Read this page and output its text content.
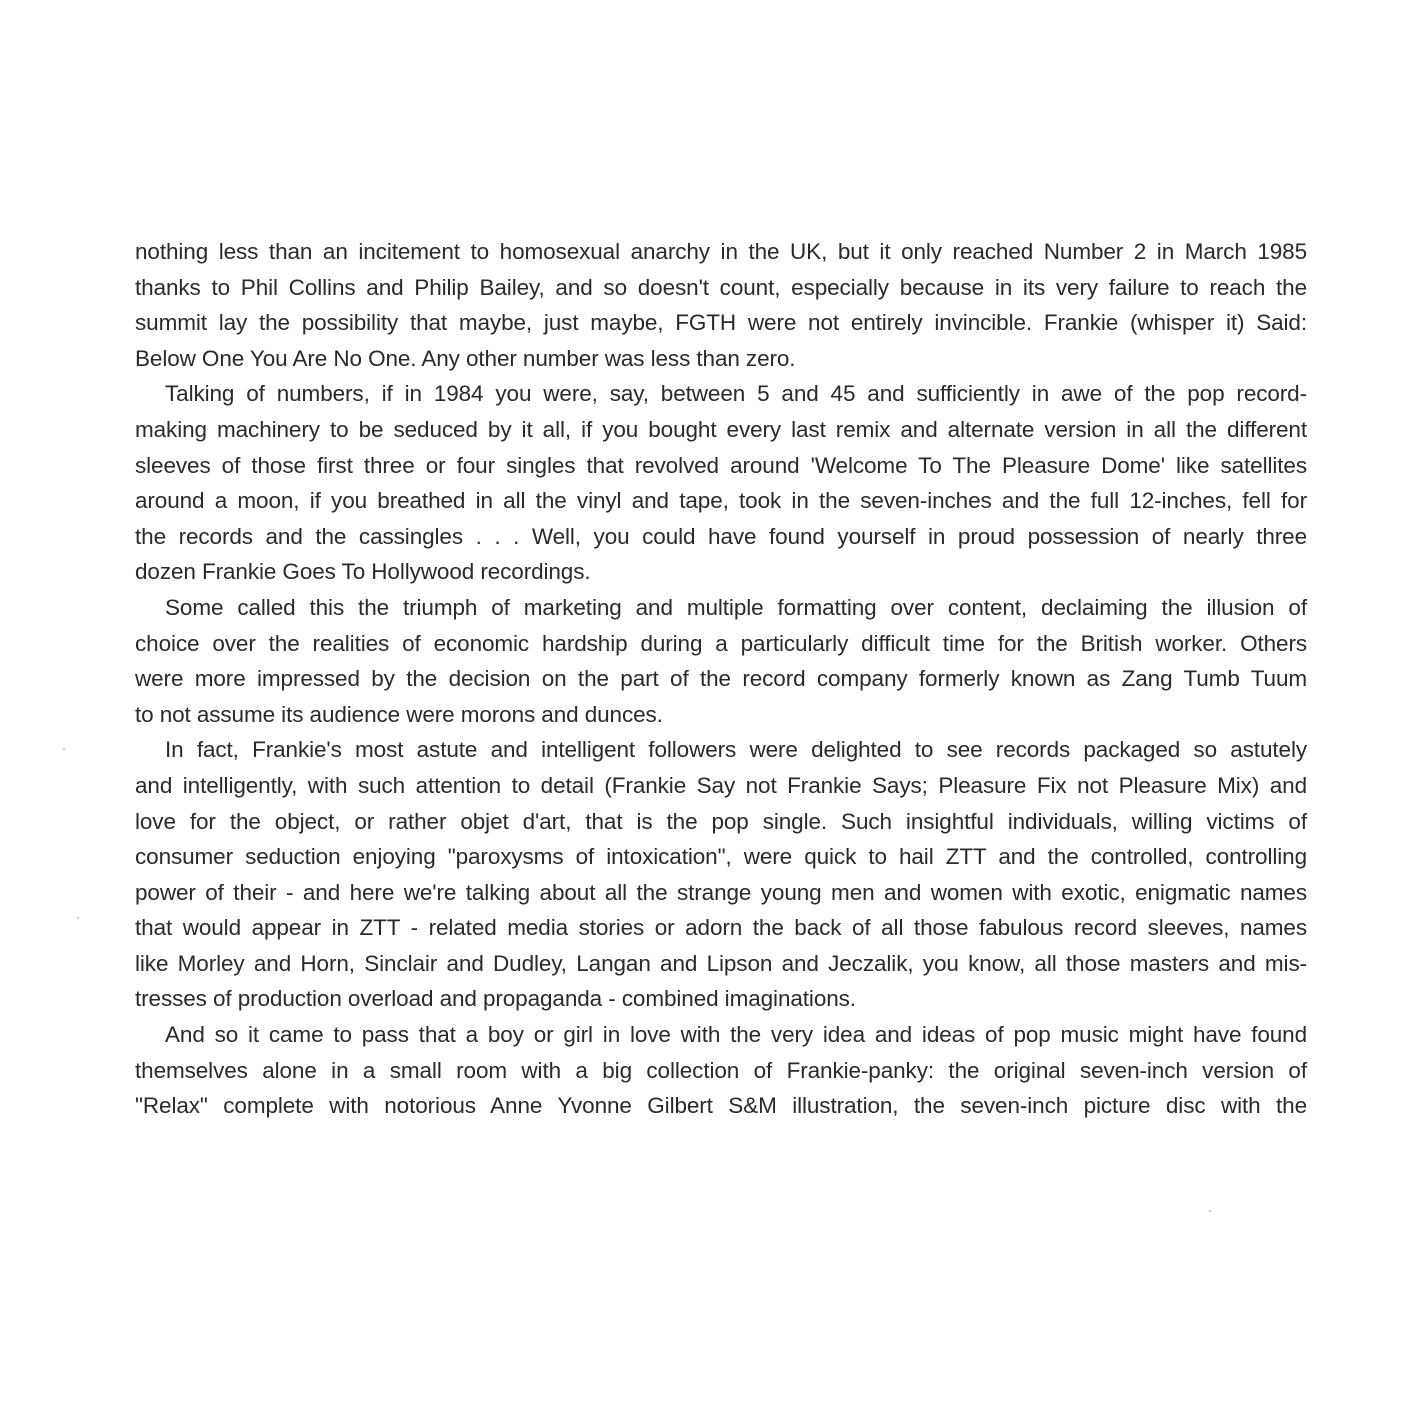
nothing less than an incitement to homosexual anarchy in the UK, but it only reached Number 2 in March 1985
thanks to Phil Collins and Philip Bailey, and so doesn't count, especially because in its very failure to reach the
summit lay the possibility that maybe, just maybe, FGTH were not entirely invincible. Frankie (whisper it) Said:
Below One You Are No One. Any other number was less than zero.
Talking of numbers, if in 1984 you were, say, between 5 and 45 and sufficiently in awe of the pop record-
making machinery to be seduced by it all, if you bought every last remix and alternate version in all the different
sleeves of those first three or four singles that revolved around 'Welcome To The Pleasure Dome' like satellites
around a moon, if you breathed in all the vinyl and tape, took in the seven-inches and the full 12-inches, fell for
the records and the cassingles . . . Well, you could have found yourself in proud possession of nearly three
dozen Frankie Goes To Hollywood recordings.
Some called this the triumph of marketing and multiple formatting over content, declaiming the illusion of
choice over the realities of economic hardship during a particularly difficult time for the British worker. Others
were more impressed by the decision on the part of the record company formerly known as Zang Tumb Tuum
to not assume its audience were morons and dunces.
In fact, Frankie's most astute and intelligent followers were delighted to see records packaged so astutely
and intelligently, with such attention to detail (Frankie Say not Frankie Says; Pleasure Fix not Pleasure Mix) and
love for the object, or rather objet d'art, that is the pop single. Such insightful individuals, willing victims of
consumer seduction enjoying "paroxysms of intoxication", were quick to hail ZTT and the controlled, controlling
power of their - and here we're talking about all the strange young men and women with exotic, enigmatic names
that would appear in ZTT - related media stories or adorn the back of all those fabulous record sleeves, names
like Morley and Horn, Sinclair and Dudley, Langan and Lipson and Jeczalik, you know, all those masters and mis-
tresses of production overload and propaganda - combined imaginations.
And so it came to pass that a boy or girl in love with the very idea and ideas of pop music might have found
themselves alone in a small room with a big collection of Frankie-panky: the original seven-inch version of
"Relax" complete with notorious Anne Yvonne Gilbert S&M illustration, the seven-inch picture disc with the
